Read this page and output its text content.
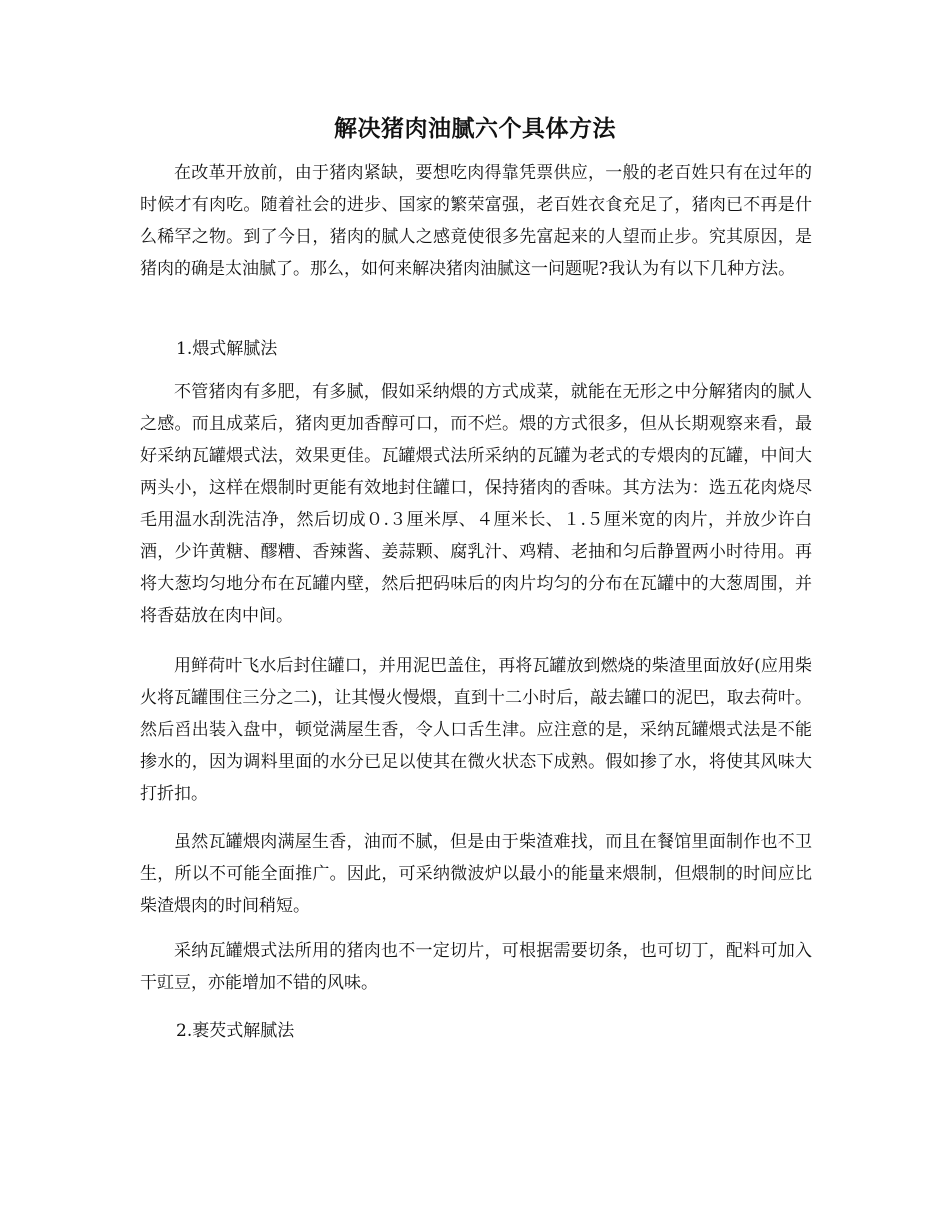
解决猪肉油腻六个具体方法

在改革开放前，由于猪肉紧缺，要想吃肉得靠凭票供应，一般的老百姓只有在过年的时候才有肉吃。随着社会的进步、国家的繁荣富强，老百姓衣食充足了，猪肉已不再是什么稀罕之物。到了今日，猪肉的腻人之感竟使很多先富起来的人望而止步。究其原因，是猪肉的确是太油腻了。那么，如何来解决猪肉油腻这一问题呢?我认为有以下几种方法。

1.煨式解腻法

不管猪肉有多肥，有多腻，假如采纳煨的方式成菜，就能在无形之中分解猪肉的腻人之感。而且成菜后，猪肉更加香醇可口，而不烂。煨的方式很多，但从长期观察来看，最好采纳瓦罐煨式法，效果更佳。瓦罐煨式法所采纳的瓦罐为老式的专煨肉的瓦罐，中间大两头小，这样在煨制时更能有效地封住罐口，保持猪肉的香味。其方法为：选五花肉烧尽毛用温水刮洗洁净，然后切成０.３厘米厚、４厘米长、１.５厘米宽的肉片，并放少许白酒，少许黄糖、醪糟、香辣酱、姜蒜颗、腐乳汁、鸡精、老抽和匀后静置两小时待用。再将大葱均匀地分布在瓦罐内壁，然后把码味后的肉片均匀的分布在瓦罐中的大葱周围，并将香菇放在肉中间。

用鲜荷叶飞水后封住罐口，并用泥巴盖住，再将瓦罐放到燃烧的柴渣里面放好(应用柴火将瓦罐围住三分之二)，让其慢火慢煨，直到十二小时后，敲去罐口的泥巴，取去荷叶。然后舀出装入盘中，顿觉满屋生香，令人口舌生津。应注意的是，采纳瓦罐煨式法是不能掺水的，因为调料里面的水分已足以使其在微火状态下成熟。假如掺了水，将使其风味大打折扣。

虽然瓦罐煨肉满屋生香，油而不腻，但是由于柴渣难找，而且在餐馆里面制作也不卫生，所以不可能全面推广。因此，可采纳微波炉以最小的能量来煨制，但煨制的时间应比柴渣煨肉的时间稍短。

采纳瓦罐煨式法所用的猪肉也不一定切片，可根据需要切条，也可切丁，配料可加入干豇豆，亦能增加不错的风味。

2.裹芡式解腻法
